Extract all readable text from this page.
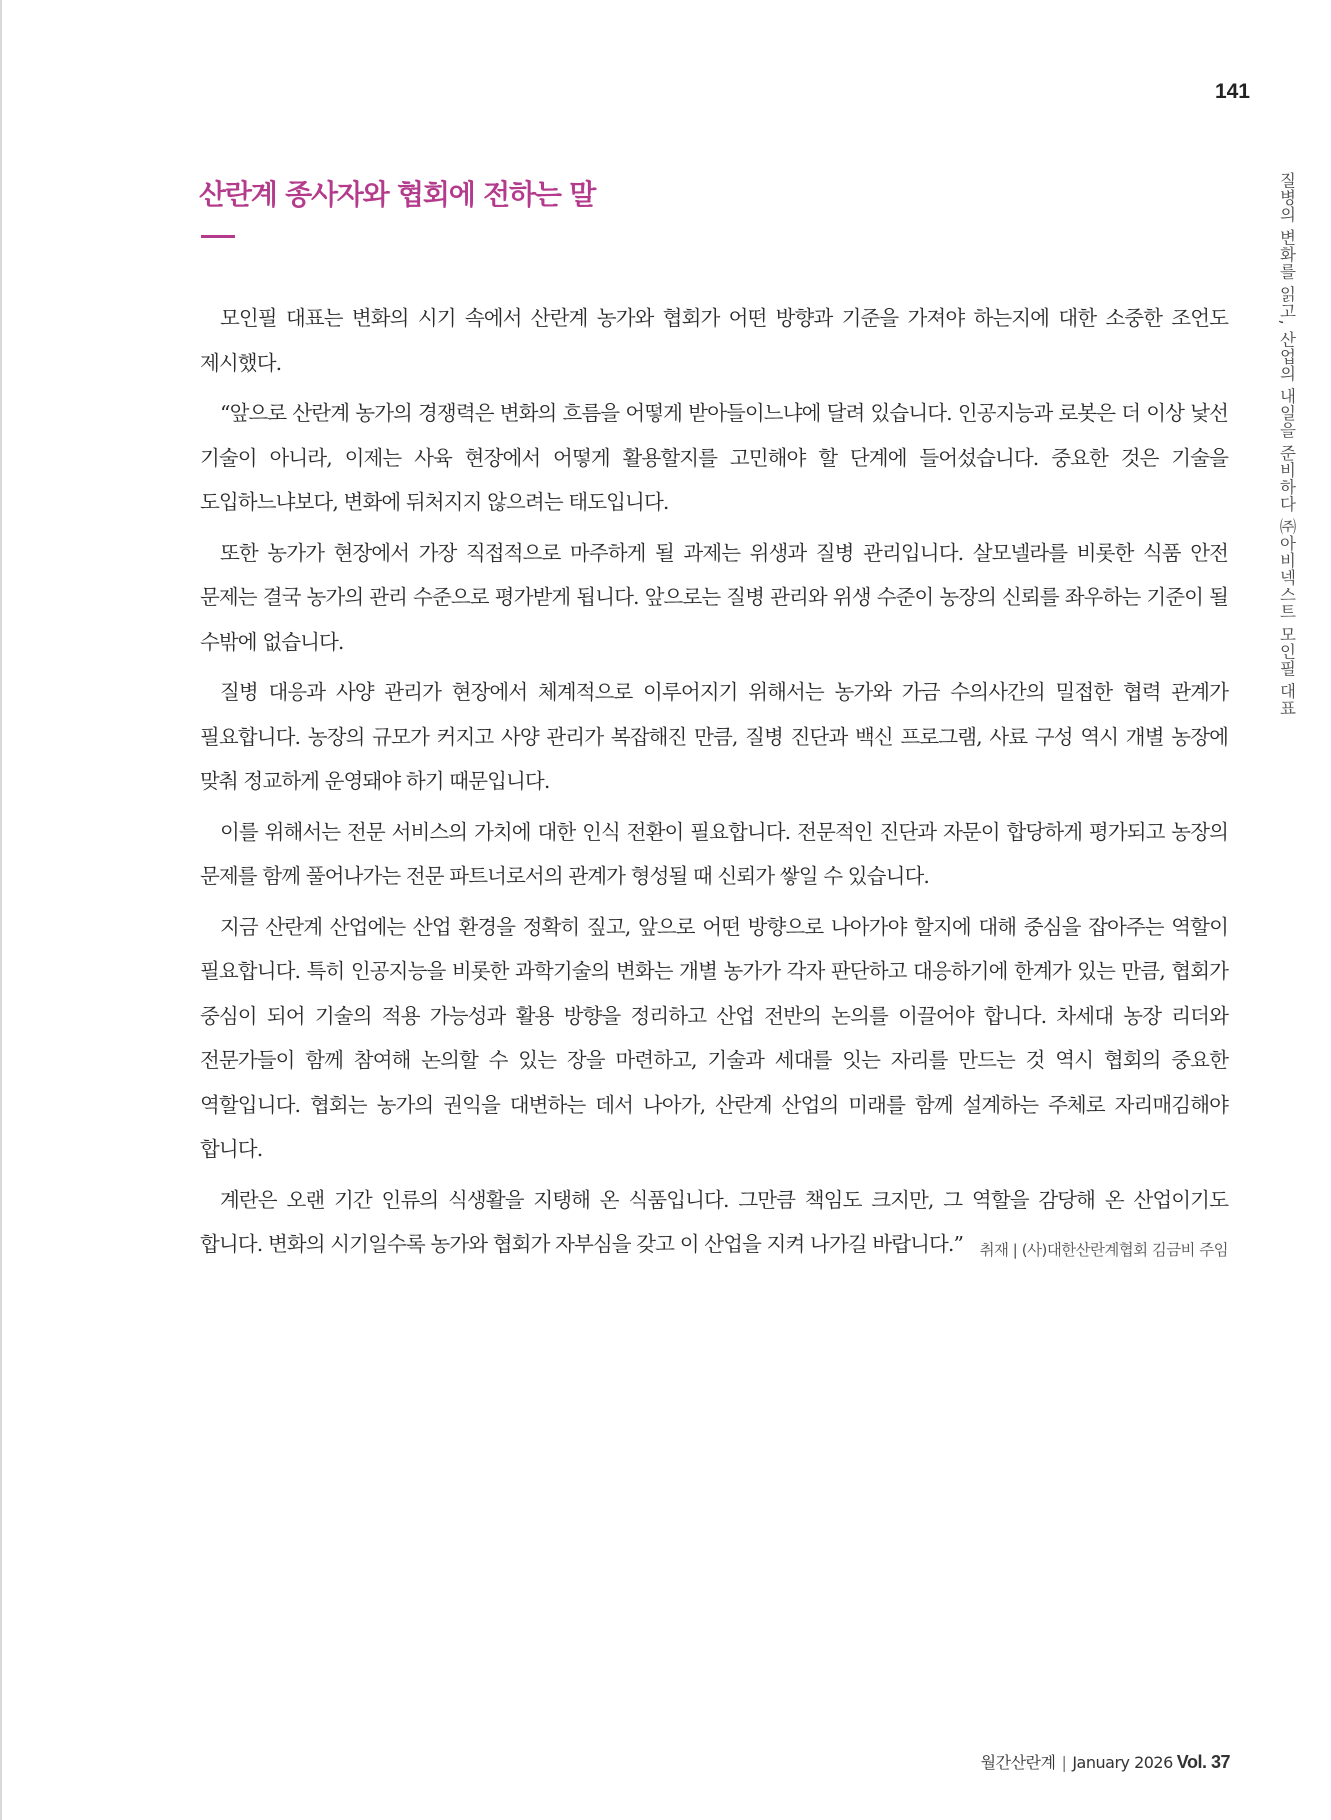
141
질병의 변화를 읽고, 산업의 내일을 준비하다 ㈜아비넥스트 모인필 대표
산란계 종사자와 협회에 전하는 말

모인필 대표는 변화의 시기 속에서 산란계 농가와 협회가 어떤 방향과 기준을 가져야 하는지에 대한 소중한 조언도 제시했다.

“앞으로 산란계 농가의 경쟁력은 변화의 흐름을 어떻게 받아들이느냐에 달려 있습니다. 인공지능과 로봇은 더 이상 낯선 기술이 아니라, 이제는 사육 현장에서 어떻게 활용할지를 고민해야 할 단계에 들어섰습니다. 중요한 것은 기술을 도입하느냐보다, 변화에 뒤처지지 않으려는 태도입니다.

또한 농가가 현장에서 가장 직접적으로 마주하게 될 과제는 위생과 질병 관리입니다. 살모넬라를 비롯한 식품 안전 문제는 결국 농가의 관리 수준으로 평가받게 됩니다. 앞으로는 질병 관리와 위생 수준이 농장의 신뢰를 좌우하는 기준이 될 수밖에 없습니다.

질병 대응과 사양 관리가 현장에서 체계적으로 이루어지기 위해서는 농가와 가금 수의사간의 밀접한 협력 관계가 필요합니다. 농장의 규모가 커지고 사양 관리가 복잡해진 만큼, 질병 진단과 백신 프로그램, 사료 구성 역시 개별 농장에 맞춰 정교하게 운영돼야 하기 때문입니다.

이를 위해서는 전문 서비스의 가치에 대한 인식 전환이 필요합니다. 전문적인 진단과 자문이 합당하게 평가되고 농장의 문제를 함께 풀어나가는 전문 파트너로서의 관계가 형성될 때 신뢰가 쌓일 수 있습니다.

지금 산란계 산업에는 산업 환경을 정확히 짚고, 앞으로 어떤 방향으로 나아가야 할지에 대해 중심을 잡아주는 역할이 필요합니다. 특히 인공지능을 비롯한 과학기술의 변화는 개별 농가가 각자 판단하고 대응하기에 한계가 있는 만큼, 협회가 중심이 되어 기술의 적용 가능성과 활용 방향을 정리하고 산업 전반의 논의를 이끌어야 합니다. 차세대 농장 리더와 전문가들이 함께 참여해 논의할 수 있는 장을 마련하고, 기술과 세대를 잇는 자리를 만드는 것 역시 협회의 중요한 역할입니다. 협회는 농가의 권익을 대변하는 데서 나아가, 산란계 산업의 미래를 함께 설계하는 주체로 자리매김해야 합니다.

계란은 오랜 기간 인류의 식생활을 지탱해 온 식품입니다. 그만큼 책임도 크지만, 그 역할을 감당해 온 산업이기도 합니다. 변화의 시기일수록 농가와 협회가 자부심을 갖고 이 산업을 지켜 나가길 바랍니다.”	취재 | (사)대한산란계협회 김금비 주임
월간산란계 | January 2026 Vol. 37
